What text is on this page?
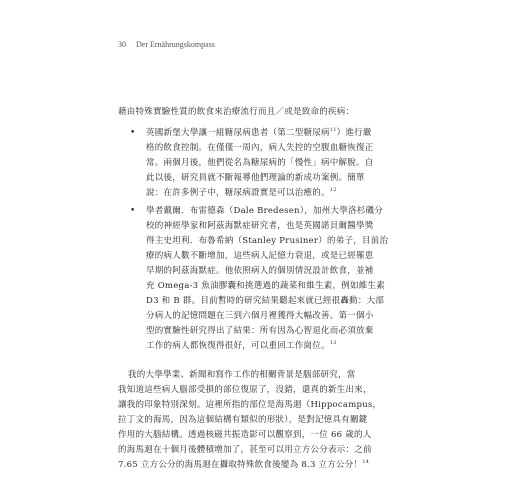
30 Der Ernährungskompass
藉由特殊實驗性質的飲食來治療流行而且／或是致命的疾病：
• 英國新堡大學讓一組糖尿病患者（第二型糖尿病$^{11}$）進行嚴
格的飲食控制。在僅僅一周內，病人失控的空腹血糖恢復正
常。兩個月後，他們從名為糖尿病的「慢性」病中解脫。自
此以後，研究員就不斷報導他們理論的新成功案例。簡單
說：在許多例子中，糖尿病證實是可以治癒的。$^{12}$
• 學者戴爾．布雷德森（Dale Bredesen），加州大學洛杉磯分
校的神經學家和阿茲海默症研究者，也是英國諾貝爾醫學獎
得主史坦利．布魯希納（Stanley Prusiner）的弟子，目前治
療的病人數不斷增加，這些病人記憶力衰退，或是已經罹患
早期的阿茲海默症。他依照病人的個別情況設計飲食，並補
充 Omega-3 魚油膠囊和挑選過的蔬菜和維生素，例如維生素
D3 和 B 群。目前暫時的研究結果聽起來就已經很轟動：大部
分病人的記憶問題在三到六個月裡獲得大幅改善。第一個小
型的實驗性研究得出了結果：所有因為心智退化而必須放棄
工作的病人都恢復得很好，可以重回工作崗位。$^{13}$
我的大學學業、新聞和寫作工作的相關背景是腦部研究，當
我知道這些病人腦部受損的部位復原了，沒錯，還真的新生出來，
讓我的印象特別深刻。這裡所指的部位是海馬迴（Hippocampus，
拉丁文的海馬，因為這個結構有類似的形狀），是對記憶具有關鍵
作用的大腦結構。透過核磁共振造影可以觀察到，一位 66 歲的人
的海馬迴在十個月後體積增加了，甚至可以用立方公分表示：之前
7.65 立方公分的海馬迴在攝取特殊飲食後變為 8.3 立方公分！$^{14}$
